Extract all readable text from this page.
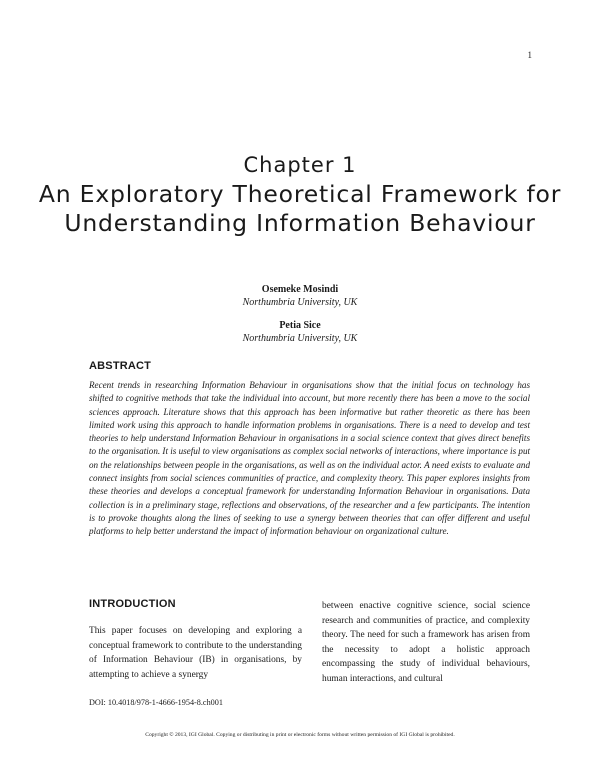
1
Chapter 1
An Exploratory Theoretical Framework for Understanding Information Behaviour
Osemeke Mosindi
Northumbria University, UK
Petia Sice
Northumbria University, UK
ABSTRACT
Recent trends in researching Information Behaviour in organisations show that the initial focus on technology has shifted to cognitive methods that take the individual into account, but more recently there has been a move to the social sciences approach. Literature shows that this approach has been informative but rather theoretic as there has been limited work using this approach to handle information problems in organisations. There is a need to develop and test theories to help understand Information Behaviour in organisations in a social science context that gives direct benefits to the organisation. It is useful to view organisations as complex social networks of interactions, where importance is put on the relationships between people in the organisations, as well as on the individual actor. A need exists to evaluate and connect insights from social sciences communities of practice, and complexity theory. This paper explores insights from these theories and develops a conceptual framework for understanding Information Behaviour in organisations. Data collection is in a preliminary stage, reflections and observations, of the researcher and a few participants. The intention is to provoke thoughts along the lines of seeking to use a synergy between theories that can offer different and useful platforms to help better understand the impact of information behaviour on organizational culture.
INTRODUCTION
This paper focuses on developing and exploring a conceptual framework to contribute to the understanding of Information Behaviour (IB) in organisations, by attempting to achieve a synergy
between enactive cognitive science, social science research and communities of practice, and complexity theory. The need for such a framework has arisen from the necessity to adopt a holistic approach encompassing the study of individual behaviours, human interactions, and cultural
DOI: 10.4018/978-1-4666-1954-8.ch001
Copyright © 2013, IGI Global. Copying or distributing in print or electronic forms without written permission of IGI Global is prohibited.
